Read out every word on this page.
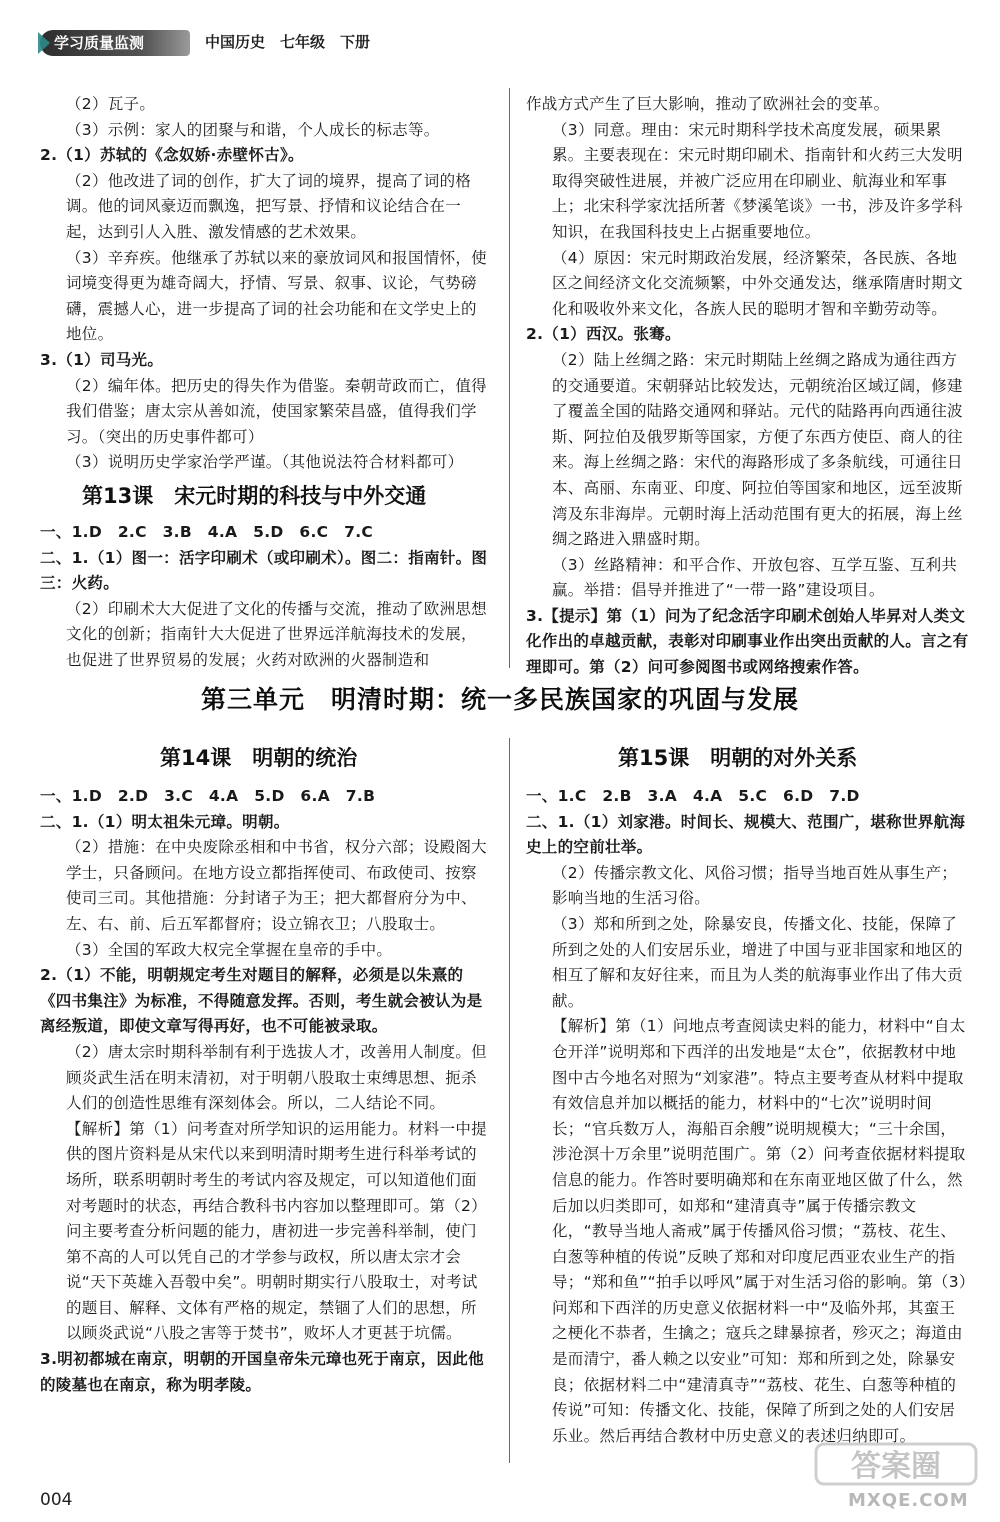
学习质量监测	中国历史　七年级　下册

（2）瓦子。

（3）示例：家人的团聚与和谐，个人成长的标志等。

2.（1）苏轼的《念奴娇·赤壁怀古》。

（2）他改进了词的创作，扩大了词的境界，提高了词的格调。他的词风豪迈而飘逸，把写景、抒情和议论结合在一起，达到引人入胜、激发情感的艺术效果。

（3）辛弃疾。他继承了苏轼以来的豪放词风和报国情怀，使词境变得更为雄奇阔大，抒情、写景、叙事、议论，气势磅礴，震撼人心，进一步提高了词的社会功能和在文学史上的地位。

3.（1）司马光。

（2）编年体。把历史的得失作为借鉴。秦朝苛政而亡，值得我们借鉴；唐太宗从善如流，使国家繁荣昌盛，值得我们学习。（突出的历史事件都可）

（3）说明历史学家治学严谨。（其他说法符合材料都可）

第13课　宋元时期的科技与中外交通

一、1.D　2.C　3.B　4.A　5.D　6.C　7.C

二、1.（1）图一：活字印刷术（或印刷术）。图二：指南针。图三：火药。

（2）印刷术大大促进了文化的传播与交流，推动了欧洲思想文化的创新；指南针大大促进了世界远洋航海技术的发展，也促进了世界贸易的发展；火药对欧洲的火器制造和

作战方式产生了巨大影响，推动了欧洲社会的变革。

（3）同意。理由：宋元时期科学技术高度发展，硕果累累。主要表现在：宋元时期印刷术、指南针和火药三大发明取得突破性进展，并被广泛应用在印刷业、航海业和军事上；北宋科学家沈括所著《梦溪笔谈》一书，涉及许多学科知识，在我国科技史上占据重要地位。

（4）原因：宋元时期政治发展，经济繁荣，各民族、各地区之间经济文化交流频繁，中外交通发达，继承隋唐时期文化和吸收外来文化，各族人民的聪明才智和辛勤劳动等。

2.（1）西汉。张骞。

（2）陆上丝绸之路：宋元时期陆上丝绸之路成为通往西方的交通要道。宋朝驿站比较发达，元朝统治区域辽阔，修建了覆盖全国的陆路交通网和驿站。元代的陆路再向西通往波斯、阿拉伯及俄罗斯等国家，方便了东西方使臣、商人的往来。海上丝绸之路：宋代的海路形成了多条航线，可通往日本、高丽、东南亚、印度、阿拉伯等国家和地区，远至波斯湾及东非海岸。元朝时海上活动范围有更大的拓展，海上丝绸之路进入鼎盛时期。

（3）丝路精神：和平合作、开放包容、互学互鉴、互利共赢。举措：倡导并推进了“一带一路”建设项目。

3.【提示】第（1）问为了纪念活字印刷术创始人毕昇对人类文化作出的卓越贡献，表彰对印刷事业作出突出贡献的人。言之有理即可。第（2）问可参阅图书或网络搜索作答。

第三单元　明清时期：统一多民族国家的巩固与发展
第14课　明朝的统治	第15课　明朝的对外关系

一、1.D　2.D　3.C　4.A　5.D　6.A　7.B

二、1.（1）明太祖朱元璋。明朝。

（2）措施：在中央废除丞相和中书省，权分六部；设殿阁大学士，只备顾问。在地方设立都指挥使司、布政使司、按察使司三司。其他措施：分封诸子为王；把大都督府分为中、左、右、前、后五军都督府；设立锦衣卫；八股取士。

（3）全国的军政大权完全掌握在皇帝的手中。

2.（1）不能，明朝规定考生对题目的解释，必须是以朱熹的《四书集注》为标准，不得随意发挥。否则，考生就会被认为是离经叛道，即使文章写得再好，也不可能被录取。

（2）唐太宗时期科举制有利于选拔人才，改善用人制度。但顾炎武生活在明末清初，对于明朝八股取士束缚思想、扼杀人们的创造性思维有深刻体会。所以，二人结论不同。

【解析】第（1）问考查对所学知识的运用能力。材料一中提供的图片资料是从宋代以来到明清时期考生进行科举考试的场所，联系明朝时考生的考试内容及规定，可以知道他们面对考题时的状态，再结合教科书内容加以整理即可。第（2）问主要考查分析问题的能力，唐初进一步完善科举制，使门第不高的人可以凭自己的才学参与政权，所以唐太宗才会说“天下英雄入吾彀中矣”。明朝时期实行八股取士，对考试的题目、解释、文体有严格的规定，禁锢了人们的思想，所以顾炎武说“八股之害等于焚书”，败坏人才更甚于坑儒。

3.明初都城在南京，明朝的开国皇帝朱元璋也死于南京，因此他的陵墓也在南京，称为明孝陵。

一、1.C　2.B　3.A　4.A　5.C　6.D　7.D

二、1.（1）刘家港。时间长、规模大、范围广，堪称世界航海史上的空前壮举。

（2）传播宗教文化、风俗习惯；指导当地百姓从事生产；影响当地的生活习俗。

（3）郑和所到之处，除暴安良，传播文化、技能，保障了所到之处的人们安居乐业，增进了中国与亚非国家和地区的相互了解和友好往来，而且为人类的航海事业作出了伟大贡献。

【解析】第（1）问地点考查阅读史料的能力，材料中“自太仓开洋”说明郑和下西洋的出发地是“太仓”，依据教材中地图中古今地名对照为“刘家港”。特点主要考查从材料中提取有效信息并加以概括的能力，材料中的“七次”说明时间长；“官兵数万人，海船百余艘”说明规模大；“三十余国，涉沧溟十万余里”说明范围广。第（2）问考查依据材料提取信息的能力。作答时要明确郑和在东南亚地区做了什么，然后加以归类即可，如郑和“建清真寺”属于传播宗教文化，“教导当地人斋戒”属于传播风俗习惯；“荔枝、花生、白葱等种植的传说”反映了郑和对印度尼西亚农业生产的指导；“郑和鱼”“拍手以呼风”属于对生活习俗的影响。第（3）问郑和下西洋的历史意义依据材料一中“及临外邦，其蛮王之梗化不恭者，生擒之；寇兵之肆暴掠者，殄灭之；海道由是而清宁，番人赖之以安业”可知：郑和所到之处，除暴安良；依据材料二中“建清真寺”“荔枝、花生、白葱等种植的传说”可知：传播文化、技能，保障了所到之处的人们安居乐业。然后再结合教材中历史意义的表述归纳即可。

004
答案圈
MXQE.COM
